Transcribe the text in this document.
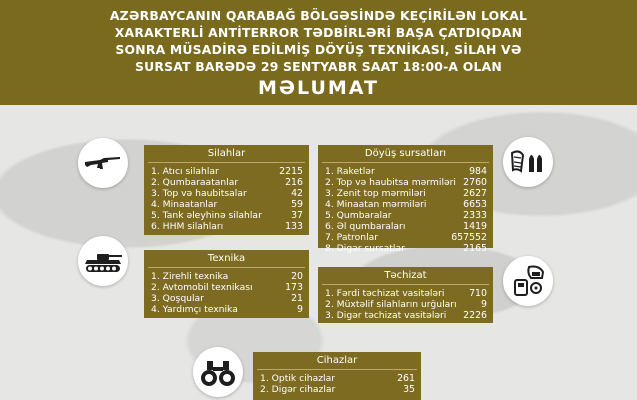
AZƏRBAYCANIN QARABAĞ BÖLGƏSİNDƏ KEÇİRİLƏN LOKAL
XARAKTERLİ ANTİTERROR TƏDBİRLƏRİ BAŞA ÇATDIQDAN
SONRA MÜSADİRƏ EDİLMİŞ DÖYÜŞ TEXNİKASI, SİLAH VƏ
SURSAT BARƏDƏ 29 SENTYABR SAAT 18:00-A OLAN
MƏLUMAT
Silahlar
1. Atıcı silahlar	2215
2. Qumbaraatanlar	216
3. Top və haubitsalar	42
4. Minaatanlar	59
5. Tank əleyhinə silahlar	37
6. HHM silahları	133
Döyüş sursatları
1. Raketlər	984
2. Top və haubitsa mərmiləri 2760
3. Zenit top mərmiləri	2627
4. Minaatan mərmiləri	6653
5. Qumbaralar	2333
6. Əl qumbaraları	1419
7. Patronlar	657552
8. Digər sursatlar	2165
Texnika
1. Zirehli texnika	20
2. Avtomobil texnikası	173
3. Qoşqular	21
4. Yardımçı texnika	9
Təchizat
1. Fərdi təchizat vasitələri	710
2. Müxtəlif silahların urğuları	9
3. Digər təchizat vasitələri 2226
Cihazlar
1. Optik cihazlar	261
2. Digər cihazlar	35
